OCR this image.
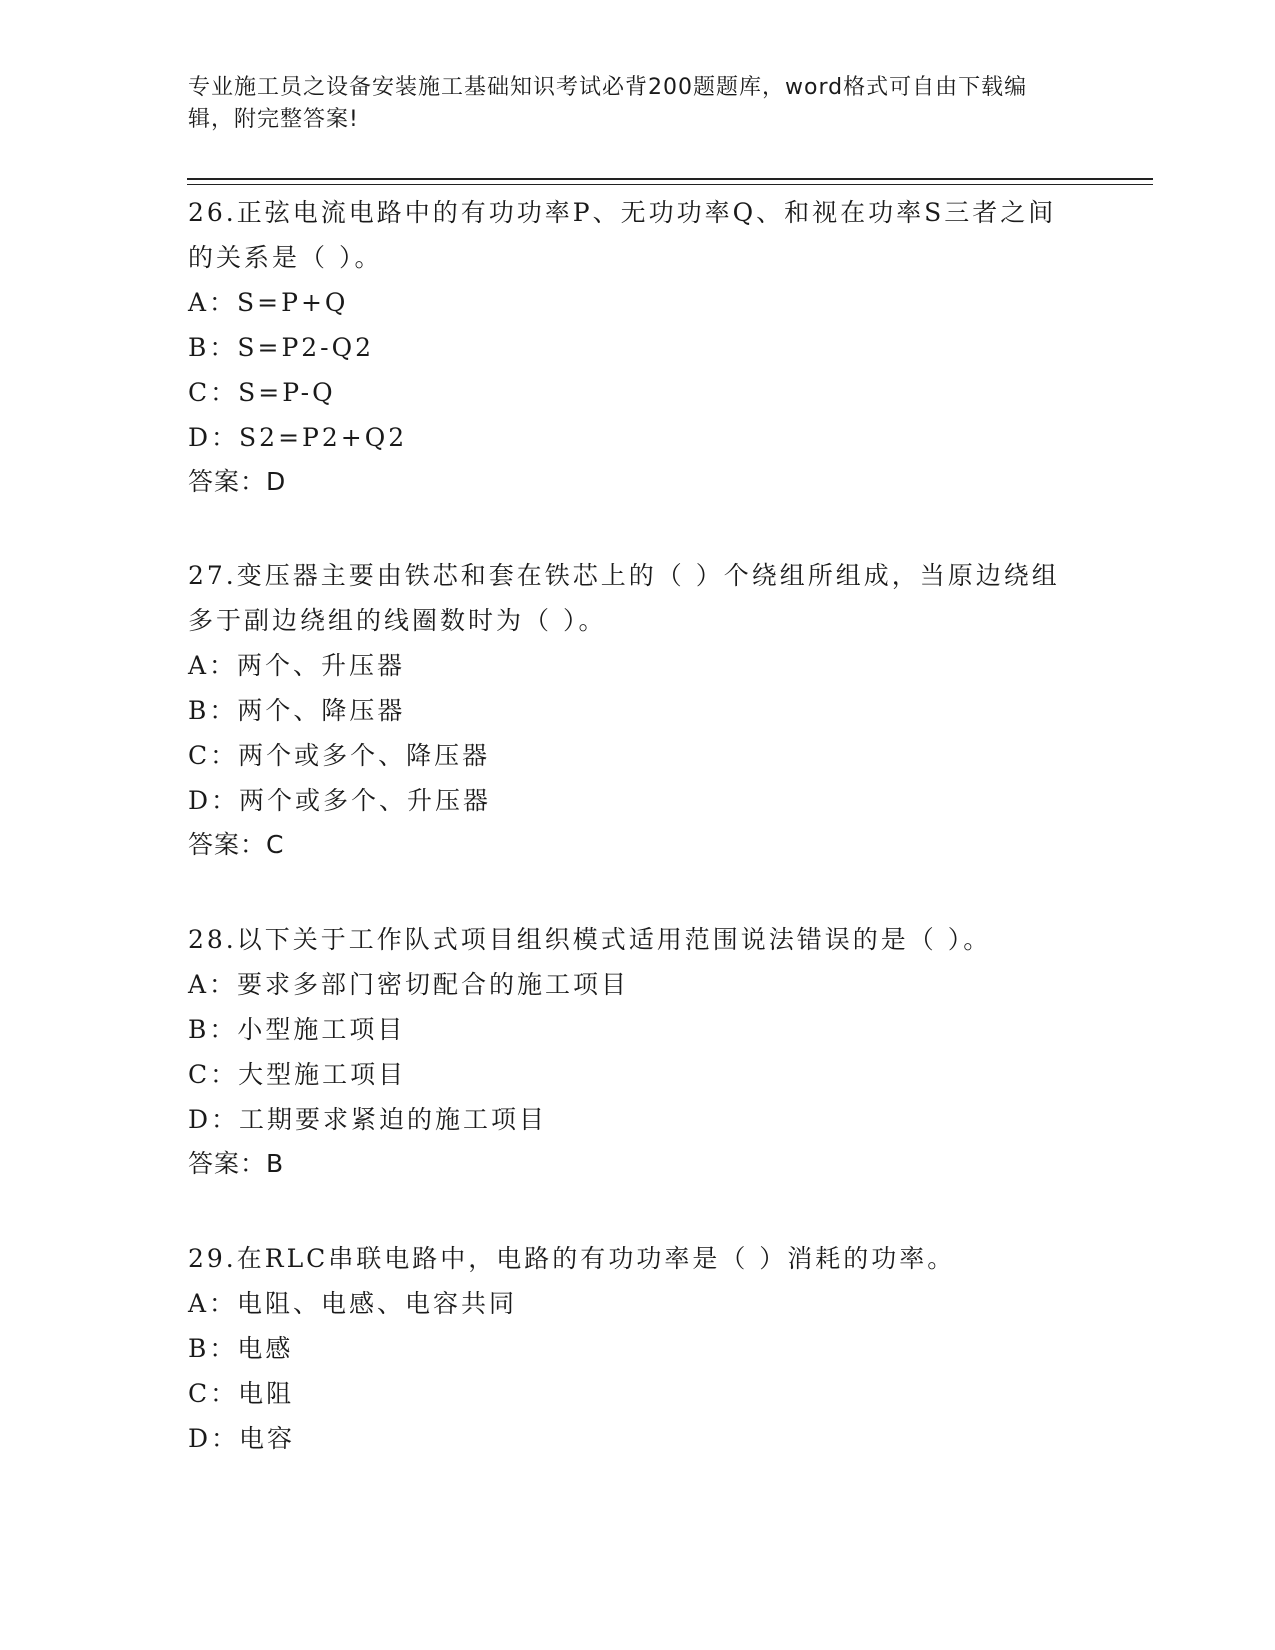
专业施工员之设备安装施工基础知识考试必背200题题库，word格式可自由下载编辑，附完整答案!

26.正弦电流电路中的有功功率P、无功功率Q、和视在功率S三者之间的关系是（ ）。

A：S=P+Q
B：S=P2-Q2
C：S=P-Q
D：S2=P2+Q2
答案：D

27.变压器主要由铁芯和套在铁芯上的（ ）个绕组所组成，当原边绕组多于副边绕组的线圈数时为（ ）。

A：两个、升压器
B：两个、降压器
C：两个或多个、降压器
D：两个或多个、升压器
答案：C

28.以下关于工作队式项目组织模式适用范围说法错误的是（ ）。

A：要求多部门密切配合的施工项目
B：小型施工项目
C：大型施工项目
D：工期要求紧迫的施工项目
答案：B

29.在RLC串联电路中，电路的有功功率是（ ）消耗的功率。

A：电阻、电感、电容共同
B：电感
C：电阻
D：电容
